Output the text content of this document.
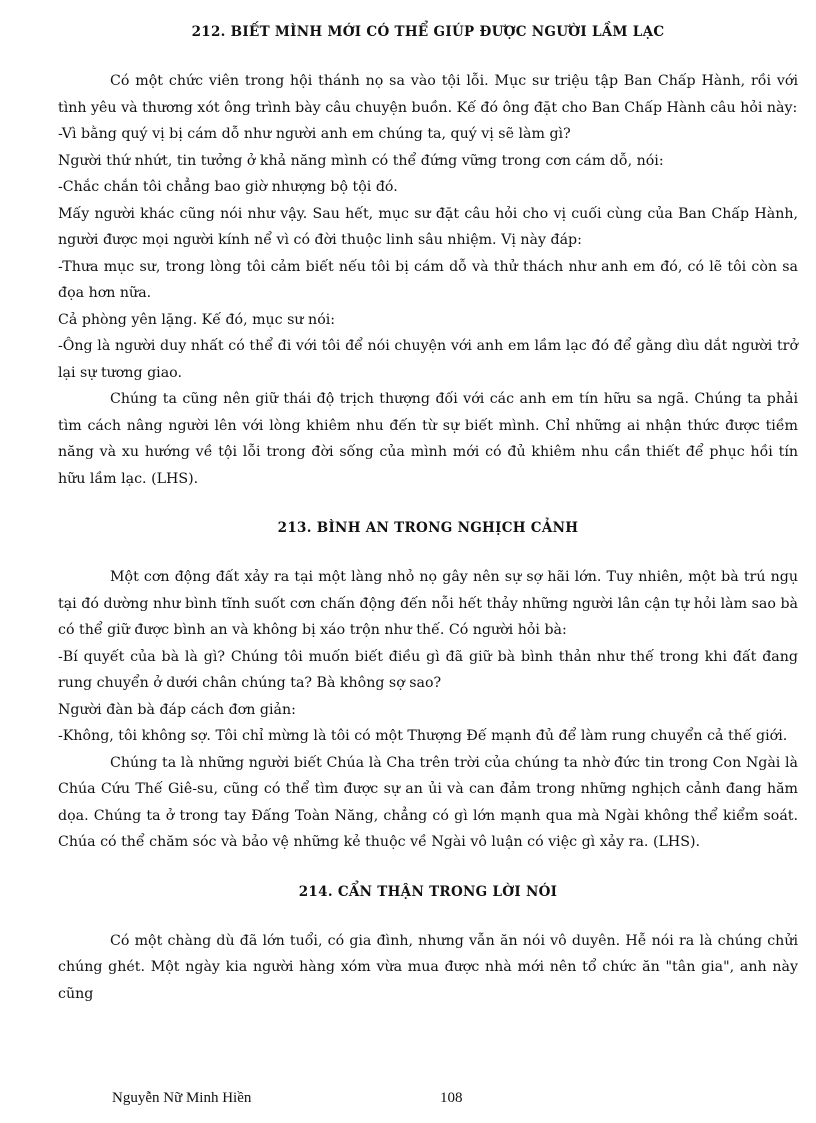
212. BIẾT MÌNH MỚI CÓ THỂ GIÚP ĐƯỢC NGƯỜI LẦM LẠC

Có một chức viên trong hội thánh nọ sa vào tội lỗi. Mục sư triệu tập Ban Chấp Hành, rồi với tình yêu và thương xót ông trình bày câu chuyện buồn. Kế đó ông đặt cho Ban Chấp Hành câu hỏi này:

-Vì bằng quý vị bị cám dỗ như người anh em chúng ta, quý vị sẽ làm gì?

Người thứ nhứt, tin tưởng ở khả năng mình có thể đứng vững trong cơn cám dỗ, nói:

-Chắc chắn tôi chẳng bao giờ nhượng bộ tội đó.

Mấy người khác cũng nói như vậy. Sau hết, mục sư đặt câu hỏi cho vị cuối cùng của Ban Chấp Hành, người được mọi người kính nể vì có đời thuộc linh sâu nhiệm. Vị này đáp:

-Thưa mục sư, trong lòng tôi cảm biết nếu tôi bị cám dỗ và thử thách như anh em đó, có lẽ tôi còn sa đọa hơn nữa.

Cả phòng yên lặng. Kế đó, mục sư nói:

-Ông là người duy nhất có thể đi với tôi để nói chuyện với anh em lầm lạc đó để gằng dìu dắt người trở lại sự tương giao.

Chúng ta cũng nên giữ thái độ trịch thượng đối với các anh em tín hữu sa ngã. Chúng ta phải tìm cách nâng người lên với lòng khiêm nhu đến từ sự biết mình. Chỉ những ai nhận thức được tiềm năng và xu hướng về tội lỗi trong đời sống của mình mới có đủ khiêm nhu cần thiết để phục hồi tín hữu lầm lạc. (LHS).

213. BÌNH AN TRONG NGHỊCH CẢNH

Một cơn động đất xảy ra tại một làng nhỏ nọ gây nên sự sợ hãi lớn. Tuy nhiên, một bà trú ngụ tại đó dường như bình tĩnh suốt cơn chấn động đến nỗi hết thảy những người lân cận tự hỏi làm sao bà có thể giữ được bình an và không bị xáo trộn như thế. Có người hỏi bà:

-Bí quyết của bà là gì? Chúng tôi muốn biết điều gì đã giữ bà bình thản như thế trong khi đất đang rung chuyển ở dưới chân chúng ta? Bà không sợ sao?

Người đàn bà đáp cách đơn giản:

-Không, tôi không sợ. Tôi chỉ mừng là tôi có một Thượng Đế mạnh đủ để làm rung chuyển cả thế giới.

Chúng ta là những người biết Chúa là Cha trên trời của chúng ta nhờ đức tin trong Con Ngài là Chúa Cứu Thế Giê-su, cũng có thể tìm được sự an ủi và can đảm trong những nghịch cảnh đang hăm dọa. Chúng ta ở trong tay Đấng Toàn Năng, chẳng có gì lớn mạnh qua mà Ngài không thể kiểm soát. Chúa có thể chăm sóc và bảo vệ những kẻ thuộc về Ngài vô luận có việc gì xảy ra. (LHS).

214. CẨN THẬN TRONG LỜI NÓI

Có một chàng dù đã lớn tuổi, có gia đình, nhưng vẫn ăn nói vô duyên. Hễ nói ra là chúng chửi chúng ghét. Một ngày kia người hàng xóm vừa mua được nhà mới nên tổ chức ăn "tân gia", anh này cũng

Nguyễn Nữ Minh Hiền	108
